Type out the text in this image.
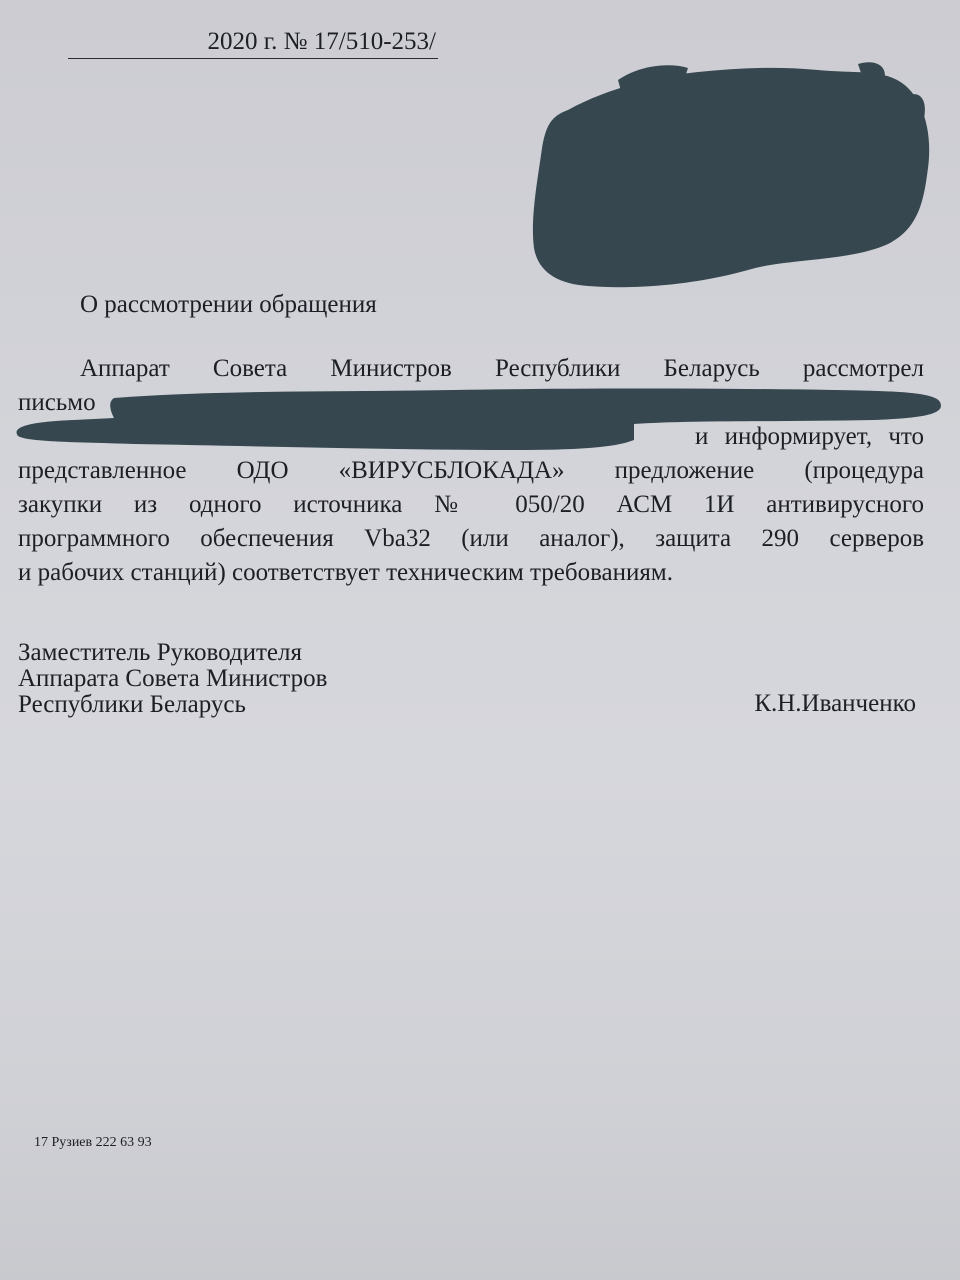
2020 г. № 17/510-253/
О рассмотрении обращения
Аппарат Совета Министров Республики Беларусь рассмотрел
письмо
и информирует, что
представленное ОДО «ВИРУСБЛОКАДА» предложение (процедура
закупки из одного источника № 050/20 АСМ 1И антивирусного
программного обеспечения Vba32 (или аналог), защита 290 серверов
и рабочих станций) соответствует техническим требованиям.
Заместитель Руководителя
Аппарата Совета Министров
Республики Беларусь	К.Н.Иванченко
17 Рузиев 222 63 93
